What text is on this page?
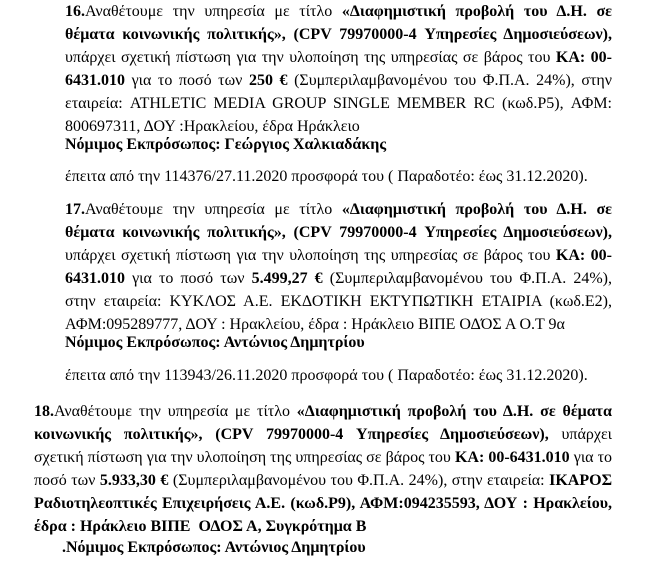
16.Αναθέτουμε την υπηρεσία με τίτλο «Διαφημιστική προβολή του Δ.Η. σε θέματα κοινωνικής πολιτικής», (CPV 79970000-4 Υπηρεσίες Δημοσιεύσεων), υπάρχει σχετική πίστωση για την υλοποίηση της υπηρεσίας σε βάρος του ΚΑ: 00-6431.010 για το ποσό των 250 € (Συμπεριλαμβανομένου του Φ.Π.Α. 24%), στην εταιρεία: ATHLETIC MEDIA GROUP SINGLE MEMBER RC (κωδ.Ρ5), ΑΦΜ: 800697311, ΔΟΥ :Ηρακλείου, έδρα Ηράκλειο

Νόμιμος Εκπρόσωπος: Γεώργιος Χαλκιαδάκης

έπειτα από την 114376/27.11.2020 προσφορά του ( Παραδοτέο: έως 31.12.2020).

17.Αναθέτουμε την υπηρεσία με τίτλο «Διαφημιστική προβολή του Δ.Η. σε θέματα κοινωνικής πολιτικής», (CPV 79970000-4 Υπηρεσίες Δημοσιεύσεων), υπάρχει σχετική πίστωση για την υλοποίηση της υπηρεσίας σε βάρος του ΚΑ: 00-6431.010 για το ποσό των 5.499,27 € (Συμπεριλαμβανομένου του Φ.Π.Α. 24%), στην εταιρεία: ΚΥΚΛΟΣ Α.Ε. ΕΚΔΟΤΙΚΗ ΕΚΤΥΠΩΤΙΚΗ ΕΤΑΙΡΙΑ (κωδ.Ε2), ΑΦΜ:095289777, ΔΟΥ : Ηρακλείου, έδρα : Ηράκλειο ΒΙΠΕ ΟΔΌΣ Α Ο.Τ 9α

Νόμιμος Εκπρόσωπος: Αντώνιος Δημητρίου

έπειτα από την 113943/26.11.2020 προσφορά του ( Παραδοτέο: έως 31.12.2020).

18.Αναθέτουμε την υπηρεσία με τίτλο «Διαφημιστική προβολή του Δ.Η. σε θέματα κοινωνικής πολιτικής», (CPV 79970000-4 Υπηρεσίες Δημοσιεύσεων), υπάρχει σχετική πίστωση για την υλοποίηση της υπηρεσίας σε βάρος του ΚΑ: 00-6431.010 για το ποσό των 5.933,30 € (Συμπεριλαμβανομένου του Φ.Π.Α. 24%), στην εταιρεία: ΙΚΑΡΟΣ Ραδιοτηλεοπτικές Επιχειρήσεις Α.Ε. (κωδ.Ρ9), ΑΦΜ:094235593, ΔΟΥ : Ηρακλείου, έδρα : Ηράκλειο ΒΙΠΕ  ΟΔΟΣ Α, Συγκρότημα Β

.Νόμιμος Εκπρόσωπος: Αντώνιος Δημητρίου
